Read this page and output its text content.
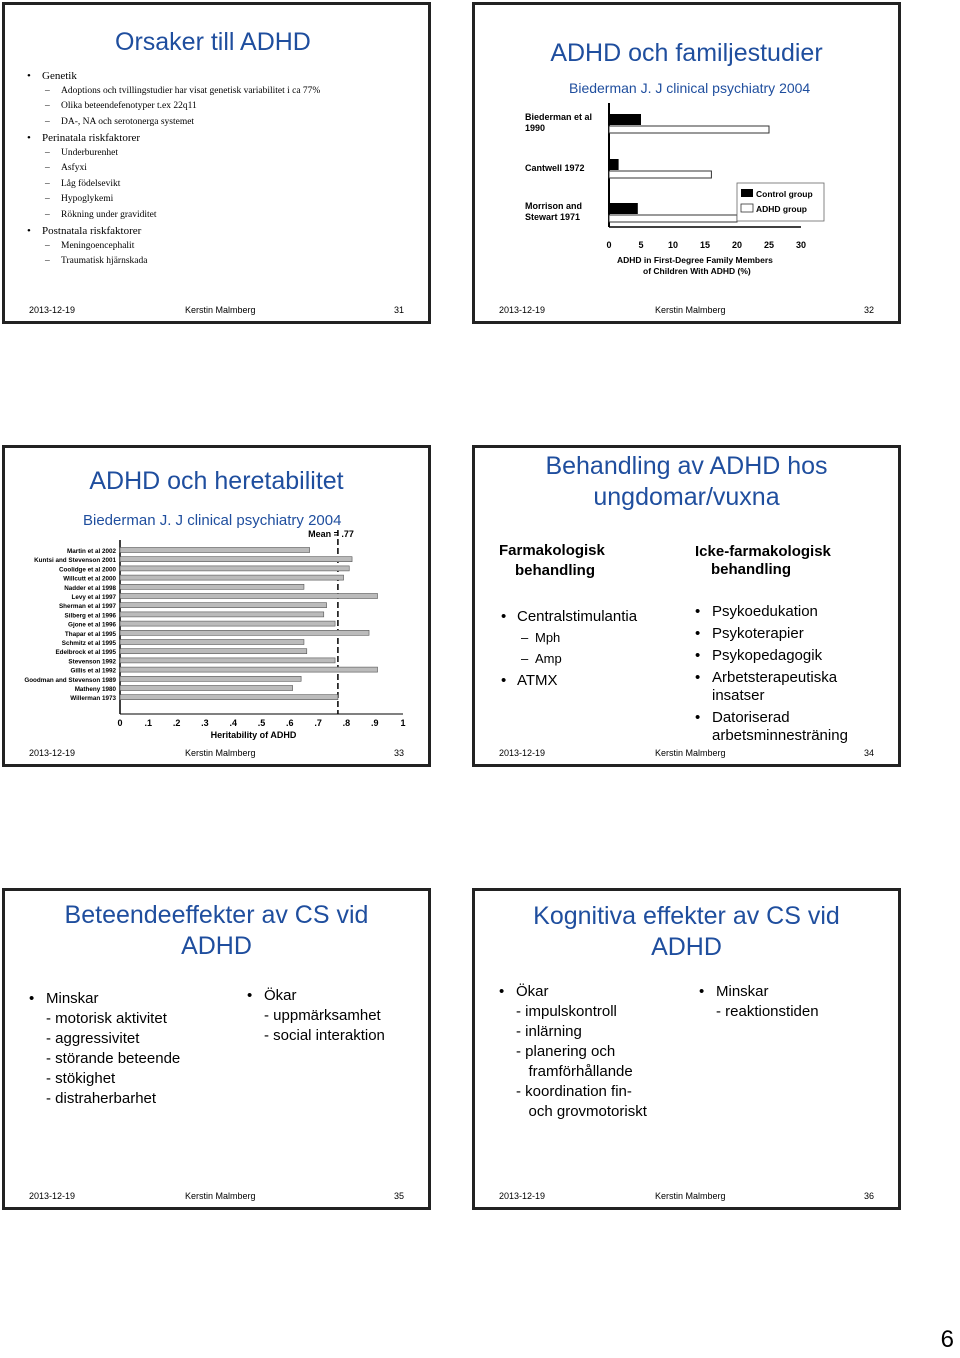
Orsaker till ADHD
• Genetik
– Adoptions och tvillingstudier har visat genetisk variabilitet i ca 77%
– Olika beteendefenotyper t.ex 22q11
– DA-, NA och serotonerga systemet
• Perinatala riskfaktorer
– Underburenhet
– Asfyxi
– Låg födelsevikt
– Hypoglykemi
– Rökning under graviditet
• Postnatala riskfaktorer
– Meningoencephalit
– Traumatisk hjärnskada
2013-12-19	Kerstin Malmberg	31
ADHD och familjestudier
Biederman J. J clinical psychiatry 2004
Biederman et al 1990
Cantwell 1972
Morrison and Stewart 1971
0	5	10 15 20 25 30
ADHD in First-Degree Family Members of Children With ADHD (%)
Control group
ADHD group
2013-12-19	Kerstin Malmberg	32
ADHD och heretabilitet
Biederman J. J clinical psychiatry 2004
Mean = .77
Martin et al 2002
Kuntsi and Stevenson 2001
Coolidge et al 2000
Willcutt et al 2000
Nadder et al 1998
Levy et al 1997
Sherman et al 1997
Silberg et al 1996
Gjone et al 1996
Thapar et al 1995
Schmitz et al 1995
Edelbrock et al 1995
Stevenson 1992
Gillis et al 1992
Goodman and Stevenson 1989
Matheny 1980
Willerman 1973
0 .1 .2 .3 .4 .5 .6 .7 .8 .9 1
Heritability of ADHD
2013-12-19	Kerstin Malmberg	33
Behandling av ADHD hos
ungdomar/vuxna
Farmakologisk
behandling
Icke-farmakologisk
behandling
• Centralstimulantia
– Mph
– Amp
• ATMX
• Psykoedukation
• Psykoterapier
• Psykopedagogik
• Arbetsterapeutiska insatser
• Datoriserad arbetsminnesträning
2013-12-19	Kerstin Malmberg	34
Beteendeeffekter av CS vid
ADHD
• Minskar
- motorisk aktivitet
- aggressivitet
- störande beteende
- stökighet
- distraherbarhet
• Ökar
- uppmärksamhet
- social interaktion
2013-12-19	Kerstin Malmberg	35
Kognitiva effekter av CS vid
ADHD
• Ökar
- impulskontroll
- inlärning
- planering och
framförhållande
- koordination fin-
och grovmotoriskt
• Minskar
- reaktionstiden
2013-12-19	Kerstin Malmberg	36
6
